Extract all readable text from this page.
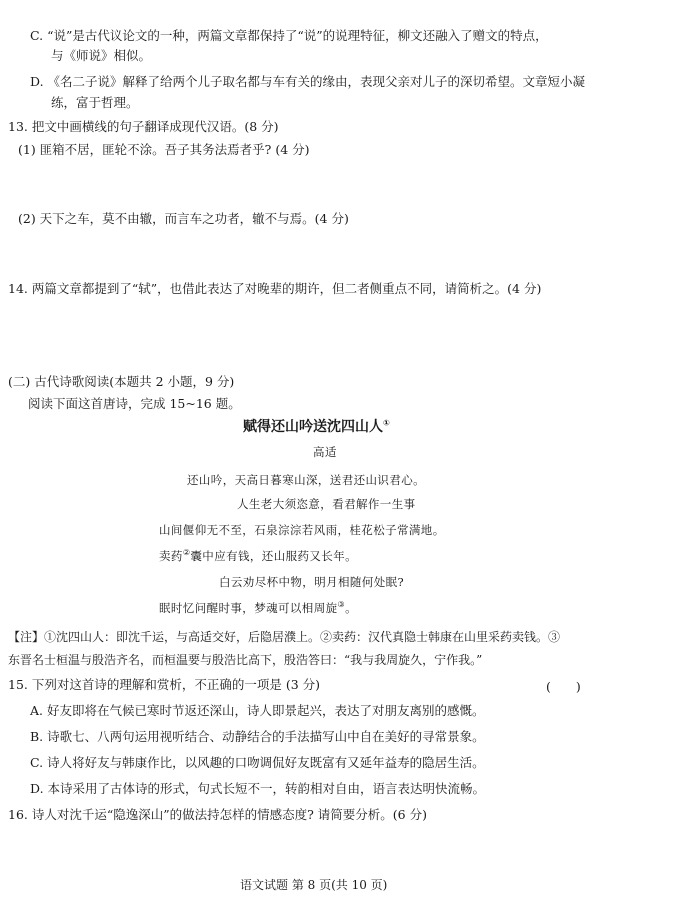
C. “说”是古代议论文的一种，两篇文章都保持了“说”的说理特征，柳文还融入了赠文的特点，
与《师说》相似。
D. 《名二子说》解释了给两个儿子取名都与车有关的缘由，表现父亲对儿子的深切希望。文章短小凝
练，富于哲理。
13. 把文中画横线的句子翻译成现代汉语。(8 分)
(1) 匪箱不居，匪轮不涂。吾子其务法焉者乎? (4 分)
(2) 天下之车，莫不由辙，而言车之功者，辙不与焉。(4 分)
14. 两篇文章都提到了“轼”，也借此表达了对晚辈的期许，但二者侧重点不同，请简析之。(4 分)
(二) 古代诗歌阅读(本题共 2 小题，9 分)
阅读下面这首唐诗，完成 15~16 题。
赋得还山吟送沈四山人①
高适
还山吟，天高日暮寒山深，送君还山识君心。
人生老大须恣意，看君解作一生事
山间偃仰无不至，石泉淙淙若风雨，桂花松子常满地。
卖药②囊中应有钱，还山服药又长年。
白云劝尽杯中物，明月相随何处眠?
眠时忆问醒时事，梦魂可以相周旋③。
【注】①沈四山人：即沈千运，与高适交好，后隐居濮上。②卖药：汉代真隐士韩康在山里采药卖钱。③
东晋名士桓温与殷浩齐名，而桓温要与殷浩比高下，殷浩答曰：“我与我周旋久，宁作我。”
15. 下列对这首诗的理解和赏析，不正确的一项是 (3 分)	(　　)
A. 好友即将在气候已寒时节返还深山，诗人即景起兴，表达了对朋友离别的感慨。
B. 诗歌七、八两句运用视听结合、动静结合的手法描写山中自在美好的寻常景象。
C. 诗人将好友与韩康作比，以风趣的口吻调侃好友既富有又延年益寿的隐居生活。
D. 本诗采用了古体诗的形式，句式长短不一，转韵相对自由，语言表达明快流畅。
16. 诗人对沈千运“隐逸深山”的做法持怎样的情感态度? 请简要分析。(6 分)
语文试题 第 8 页(共 10 页)
